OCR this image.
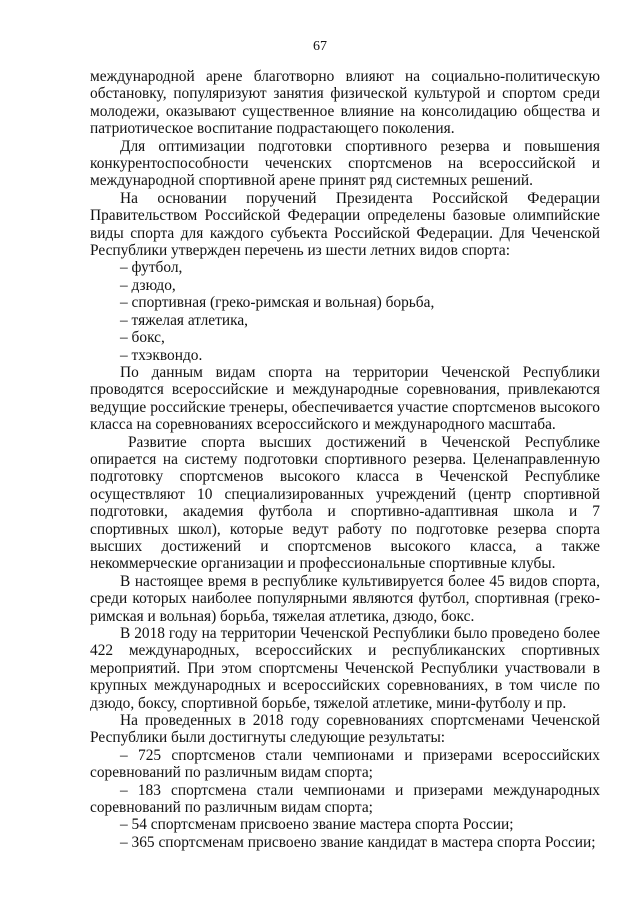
67

международной арене благотворно влияют на социально-политическую обстановку, популяризуют занятия физической культурой и спортом среди молодежи, оказывают существенное влияние на консолидацию общества и патриотическое воспитание подрастающего поколения.

Для оптимизации подготовки спортивного резерва и повышения конкурентоспособности чеченских спортсменов на всероссийской и международной спортивной арене принят ряд системных решений.

На основании поручений Президента Российской Федерации Правительством Российской Федерации определены базовые олимпийские виды спорта для каждого субъекта Российской Федерации. Для Чеченской Республики утвержден перечень из шести летних видов спорта:

– футбол,

– дзюдо,

– спортивная (греко-римская и вольная) борьба,

– тяжелая атлетика,

– бокс,

– тхэквондо.

По данным видам спорта на территории Чеченской Республики проводятся всероссийские и международные соревнования, привлекаются ведущие российские тренеры, обеспечивается участие спортсменов высокого класса на соревнованиях всероссийского и международного масштаба.

Развитие спорта высших достижений в Чеченской Республике опирается на систему подготовки спортивного резерва. Целенаправленную подготовку спортсменов высокого класса в Чеченской Республике осуществляют 10 специализированных учреждений (центр спортивной подготовки, академия футбола и спортивно-адаптивная школа и 7 спортивных школ), которые ведут работу по подготовке резерва спорта высших достижений и спортсменов высокого класса, а также некоммерческие организации и профессиональные спортивные клубы.

В настоящее время в республике культивируется более 45 видов спорта, среди которых наиболее популярными являются футбол, спортивная (греко-римская и вольная) борьба, тяжелая атлетика, дзюдо, бокс.

В 2018 году на территории Чеченской Республики было проведено более 422 международных, всероссийских и республиканских спортивных мероприятий. При этом спортсмены Чеченской Республики участвовали в крупных международных и всероссийских соревнованиях, в том числе по дзюдо, боксу, спортивной борьбе, тяжелой атлетике, мини-футболу и пр.

На проведенных в 2018 году соревнованиях спортсменами Чеченской Республики были достигнуты следующие результаты:

– 725 спортсменов стали чемпионами и призерами всероссийских соревнований по различным видам спорта;

– 183 спортсмена стали чемпионами и призерами международных соревнований по различным видам спорта;

– 54 спортсменам присвоено звание мастера спорта России;

– 365 спортсменам присвоено звание кандидат в мастера спорта России;
